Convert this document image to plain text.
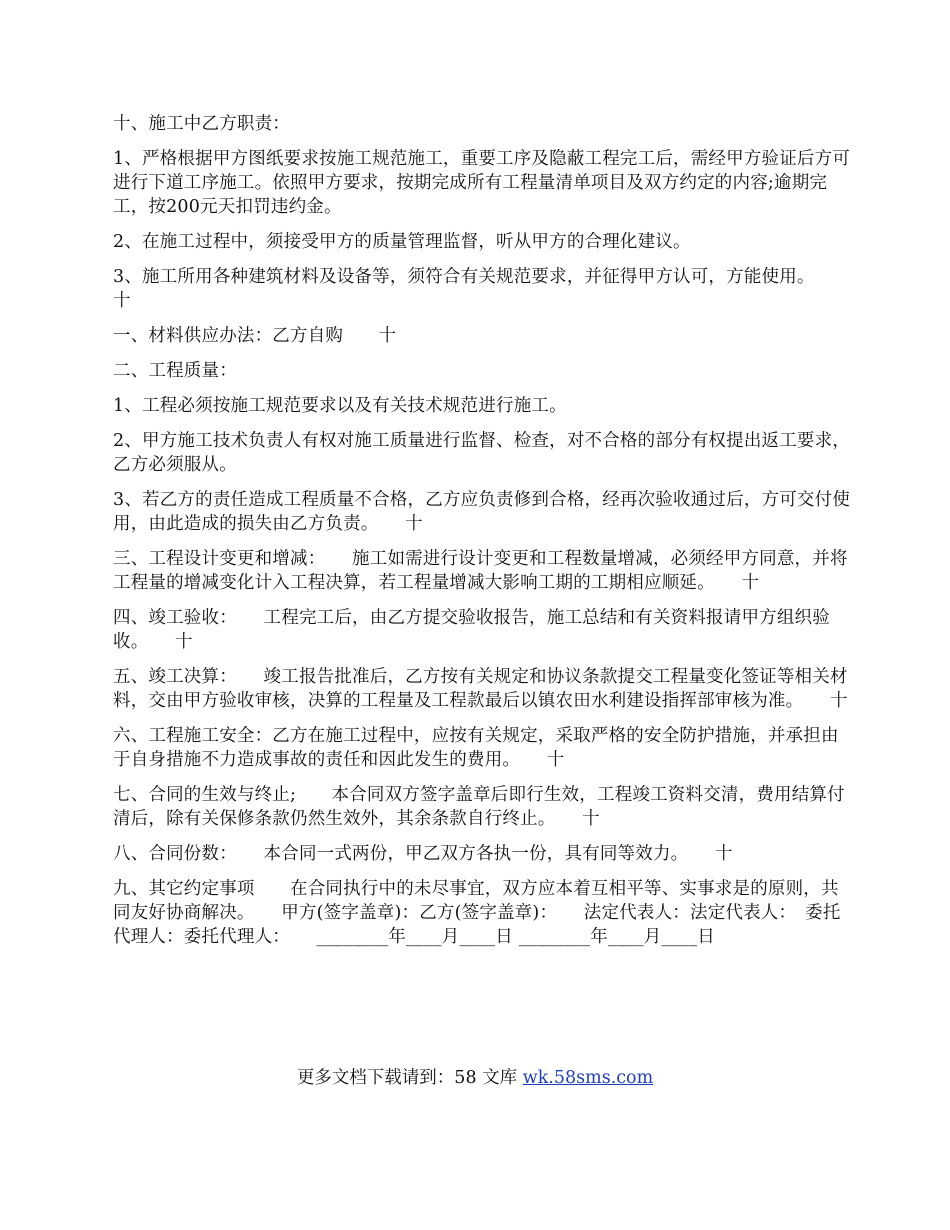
十、施工中乙方职责：

1、严格根据甲方图纸要求按施工规范施工，重要工序及隐蔽工程完工后，需经甲方验证后方可进行下道工序施工。依照甲方要求，按期完成所有工程量清单项目及双方约定的内容;逾期完工，按200元天扣罚违约金。

2、在施工过程中，须接受甲方的质量管理监督，听从甲方的合理化建议。

3、施工所用各种建筑材料及设备等，须符合有关规范要求，并征得甲方认可，方能使用。　　十

一、材料供应办法：乙方自购　　十

二、工程质量：

1、工程必须按施工规范要求以及有关技术规范进行施工。

2、甲方施工技术负责人有权对施工质量进行监督、检查，对不合格的部分有权提出返工要求，乙方必须服从。

3、若乙方的责任造成工程质量不合格，乙方应负责修到合格，经再次验收通过后，方可交付使用，由此造成的损失由乙方负责。　　十

三、工程设计变更和增减：　　施工如需进行设计变更和工程数量增减，必须经甲方同意，并将工程量的增减变化计入工程决算，若工程量增减大影响工期的工期相应顺延。　　十

四、竣工验收：　　工程完工后，由乙方提交验收报告，施工总结和有关资料报请甲方组织验收。　　十

五、竣工决算：　　竣工报告批准后，乙方按有关规定和协议条款提交工程量变化签证等相关材料，交由甲方验收审核，决算的工程量及工程款最后以镇农田水利建设指挥部审核为准。　　十

六、工程施工安全：乙方在施工过程中，应按有关规定，采取严格的安全防护措施，并承担由于自身措施不力造成事故的责任和因此发生的费用。　　十

七、合同的生效与终止;　　本合同双方签字盖章后即行生效，工程竣工资料交清，费用结算付清后，除有关保修条款仍然生效外，其余条款自行终止。　　十

八、合同份数：　　本合同一式两份，甲乙双方各执一份，具有同等效力。　　十

九、其它约定事项　　在合同执行中的未尽事宜，双方应本着互相平等、实事求是的原则，共同友好协商解决。　　甲方(签字盖章)：乙方(签字盖章)：　　法定代表人：法定代表人：　委托代理人：委托代理人：　　________年____月____日 ________年____月____日

更多文档下载请到：58 文库 wk.58sms.com
